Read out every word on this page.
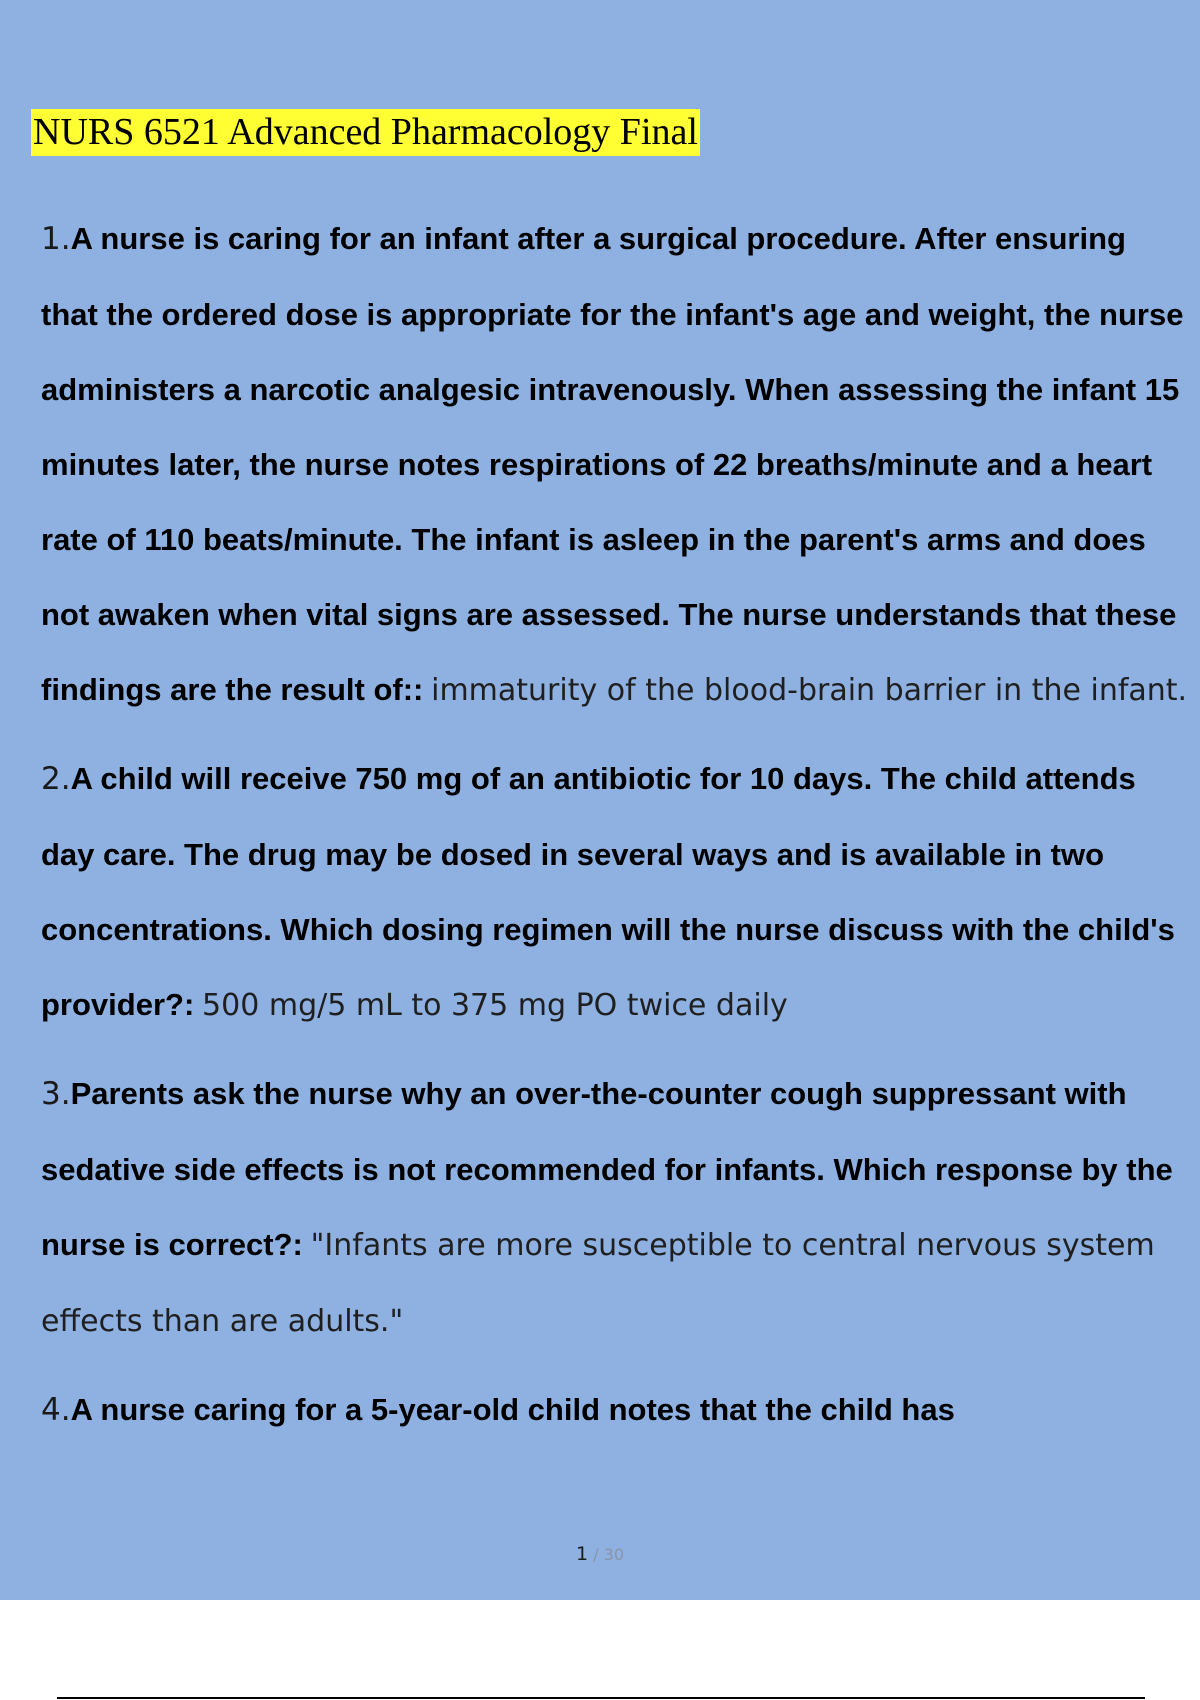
NURS 6521 Advanced Pharmacology Final
1.A nurse is caring for an infant after a surgical procedure. After ensuring that the ordered dose is appropriate for the infant's age and weight, the nurse administers a narcotic analgesic intravenously. When assessing the infant 15 minutes later, the nurse notes respirations of 22 breaths/minute and a heart rate of 110 beats/minute. The infant is asleep in the parent's arms and does not awaken when vital signs are assessed. The nurse understands that these findings are the result of:: immaturity of the blood-brain barrier in the infant.
2.A child will receive 750 mg of an antibiotic for 10 days. The child attends day care. The drug may be dosed in several ways and is available in two concentrations. Which dosing regimen will the nurse discuss with the child's provider?: 500 mg/5 mL to 375 mg PO twice daily
3.Parents ask the nurse why an over-the-counter cough suppressant with sedative side effects is not recommended for infants. Which response by the nurse is correct?: "Infants are more susceptible to central nervous system effects than are adults."
4.A nurse caring for a 5-year-old child notes that the child has
1 / 30
